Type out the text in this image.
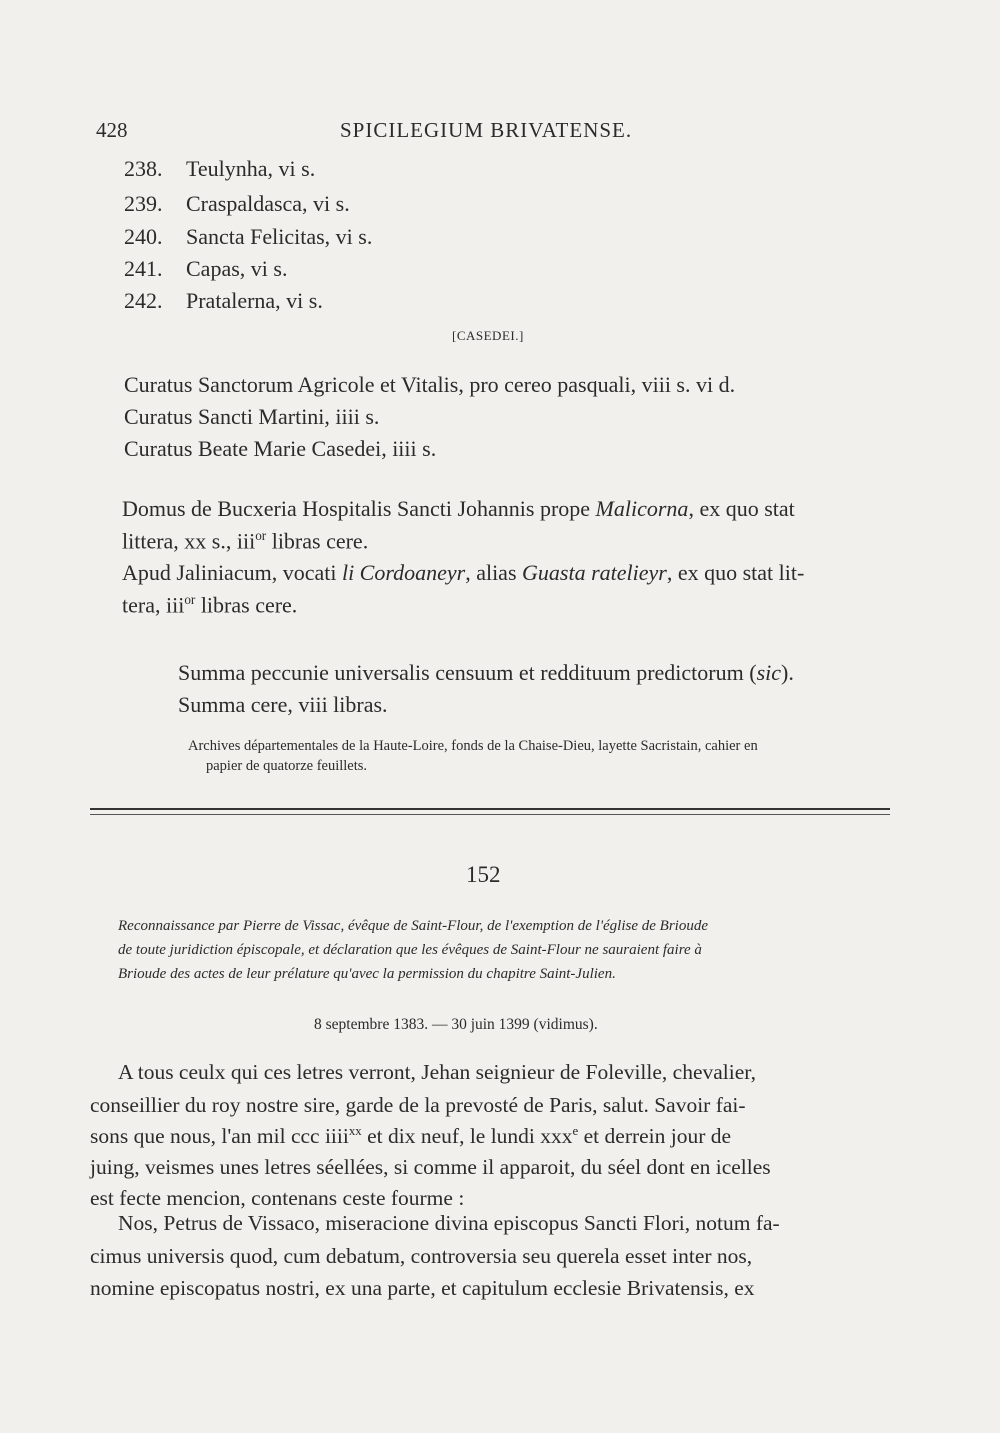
428	SPICILEGIUM BRIVATENSE.
238. Teulynha, vi s.
239. Craspaldasca, vi s.
240. Sancta Felicitas, vi s.
241. Capas, vi s.
242. Pratalerna, vi s.
[CASEDEI.]
Curatus Sanctorum Agricole et Vitalis, pro cereo pasquali, viii s. vi d.
Curatus Sancti Martini, iiii s.
Curatus Beate Marie Casedei, iiii s.
Domus de Bucxeria Hospitalis Sancti Johannis prope Malicorna, ex quo stat
littera, xx s., iii$^{or}$ libras cere.
Apud Jaliniacum, vocati li Cordoaneyr, alias Guasta ratelieyr, ex quo stat lit-
tera, iii$^{or}$ libras cere.
Summa peccunie universalis censuum et reddituum predictorum (sic).
Summa cere, viii libras.
Archives départementales de la Haute-Loire, fonds de la Chaise-Dieu, layette Sacristain, cahier en
papier de quatorze feuillets.
152
Reconnaissance par Pierre de Vissac, évêque de Saint-Flour, de l'exemption de l'église de Brioude
de toute juridiction épiscopale, et déclaration que les évêques de Saint-Flour ne sauraient faire à
Brioude des actes de leur prélature qu'avec la permission du chapitre Saint-Julien.
8 septembre 1383. — 30 juin 1399 (vidimus).
A tous ceulx qui ces letres verront, Jehan seignieur de Foleville, chevalier,
conseillier du roy nostre sire, garde de la prevosté de Paris, salut. Savoir fai-
sons que nous, l'an mil ccc iiii$^{xx}$ et dix neuf, le lundi xxx$^e$ et derrein jour de
juing, veismes unes letres séellées, si comme il apparoit, du séel dont en icelles
est fecte mencion, contenans ceste fourme :
Nos, Petrus de Vissaco, miseracione divina episcopus Sancti Flori, notum fa-
cimus universis quod, cum debatum, controversia seu querela esset inter nos,
nomine episcopatus nostri, ex una parte, et capitulum ecclesie Brivatensis, ex
